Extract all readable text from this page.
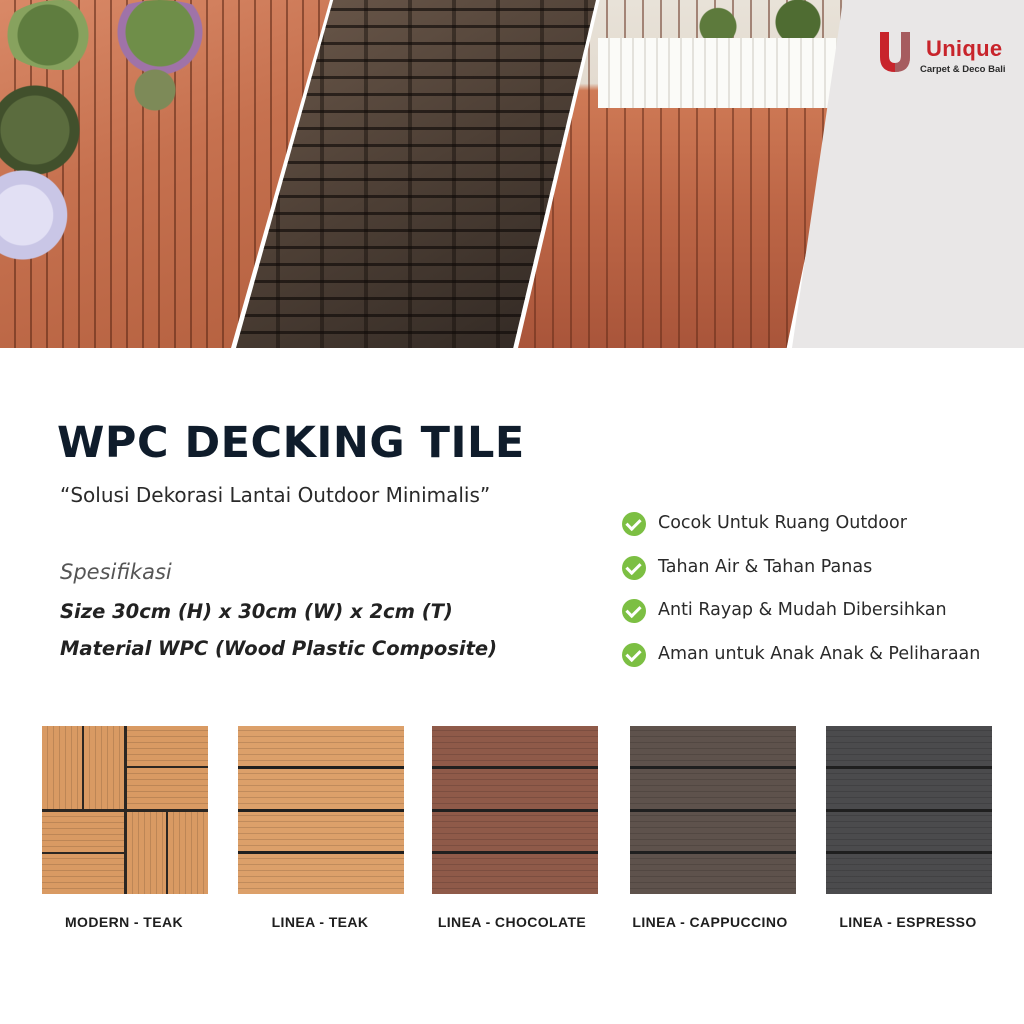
Unique
Carpet & Deco Bali
WPC DECKING TILE

“Solusi Dekorasi Lantai Outdoor Minimalis”

Spesifikasi

Size 30cm (H) x 30cm (W) x 2cm (T)

Material WPC (Wood Plastic Composite)

Cocok Untuk Ruang Outdoor
Tahan Air & Tahan Panas
Anti Rayap & Mudah Dibersihkan
Aman untuk Anak Anak & Peliharaan
MODERN - TEAK	LINEA - TEAK	LINEA - CHOCOLATE	LINEA - CAPPUCCINO	LINEA - ESPRESSO
